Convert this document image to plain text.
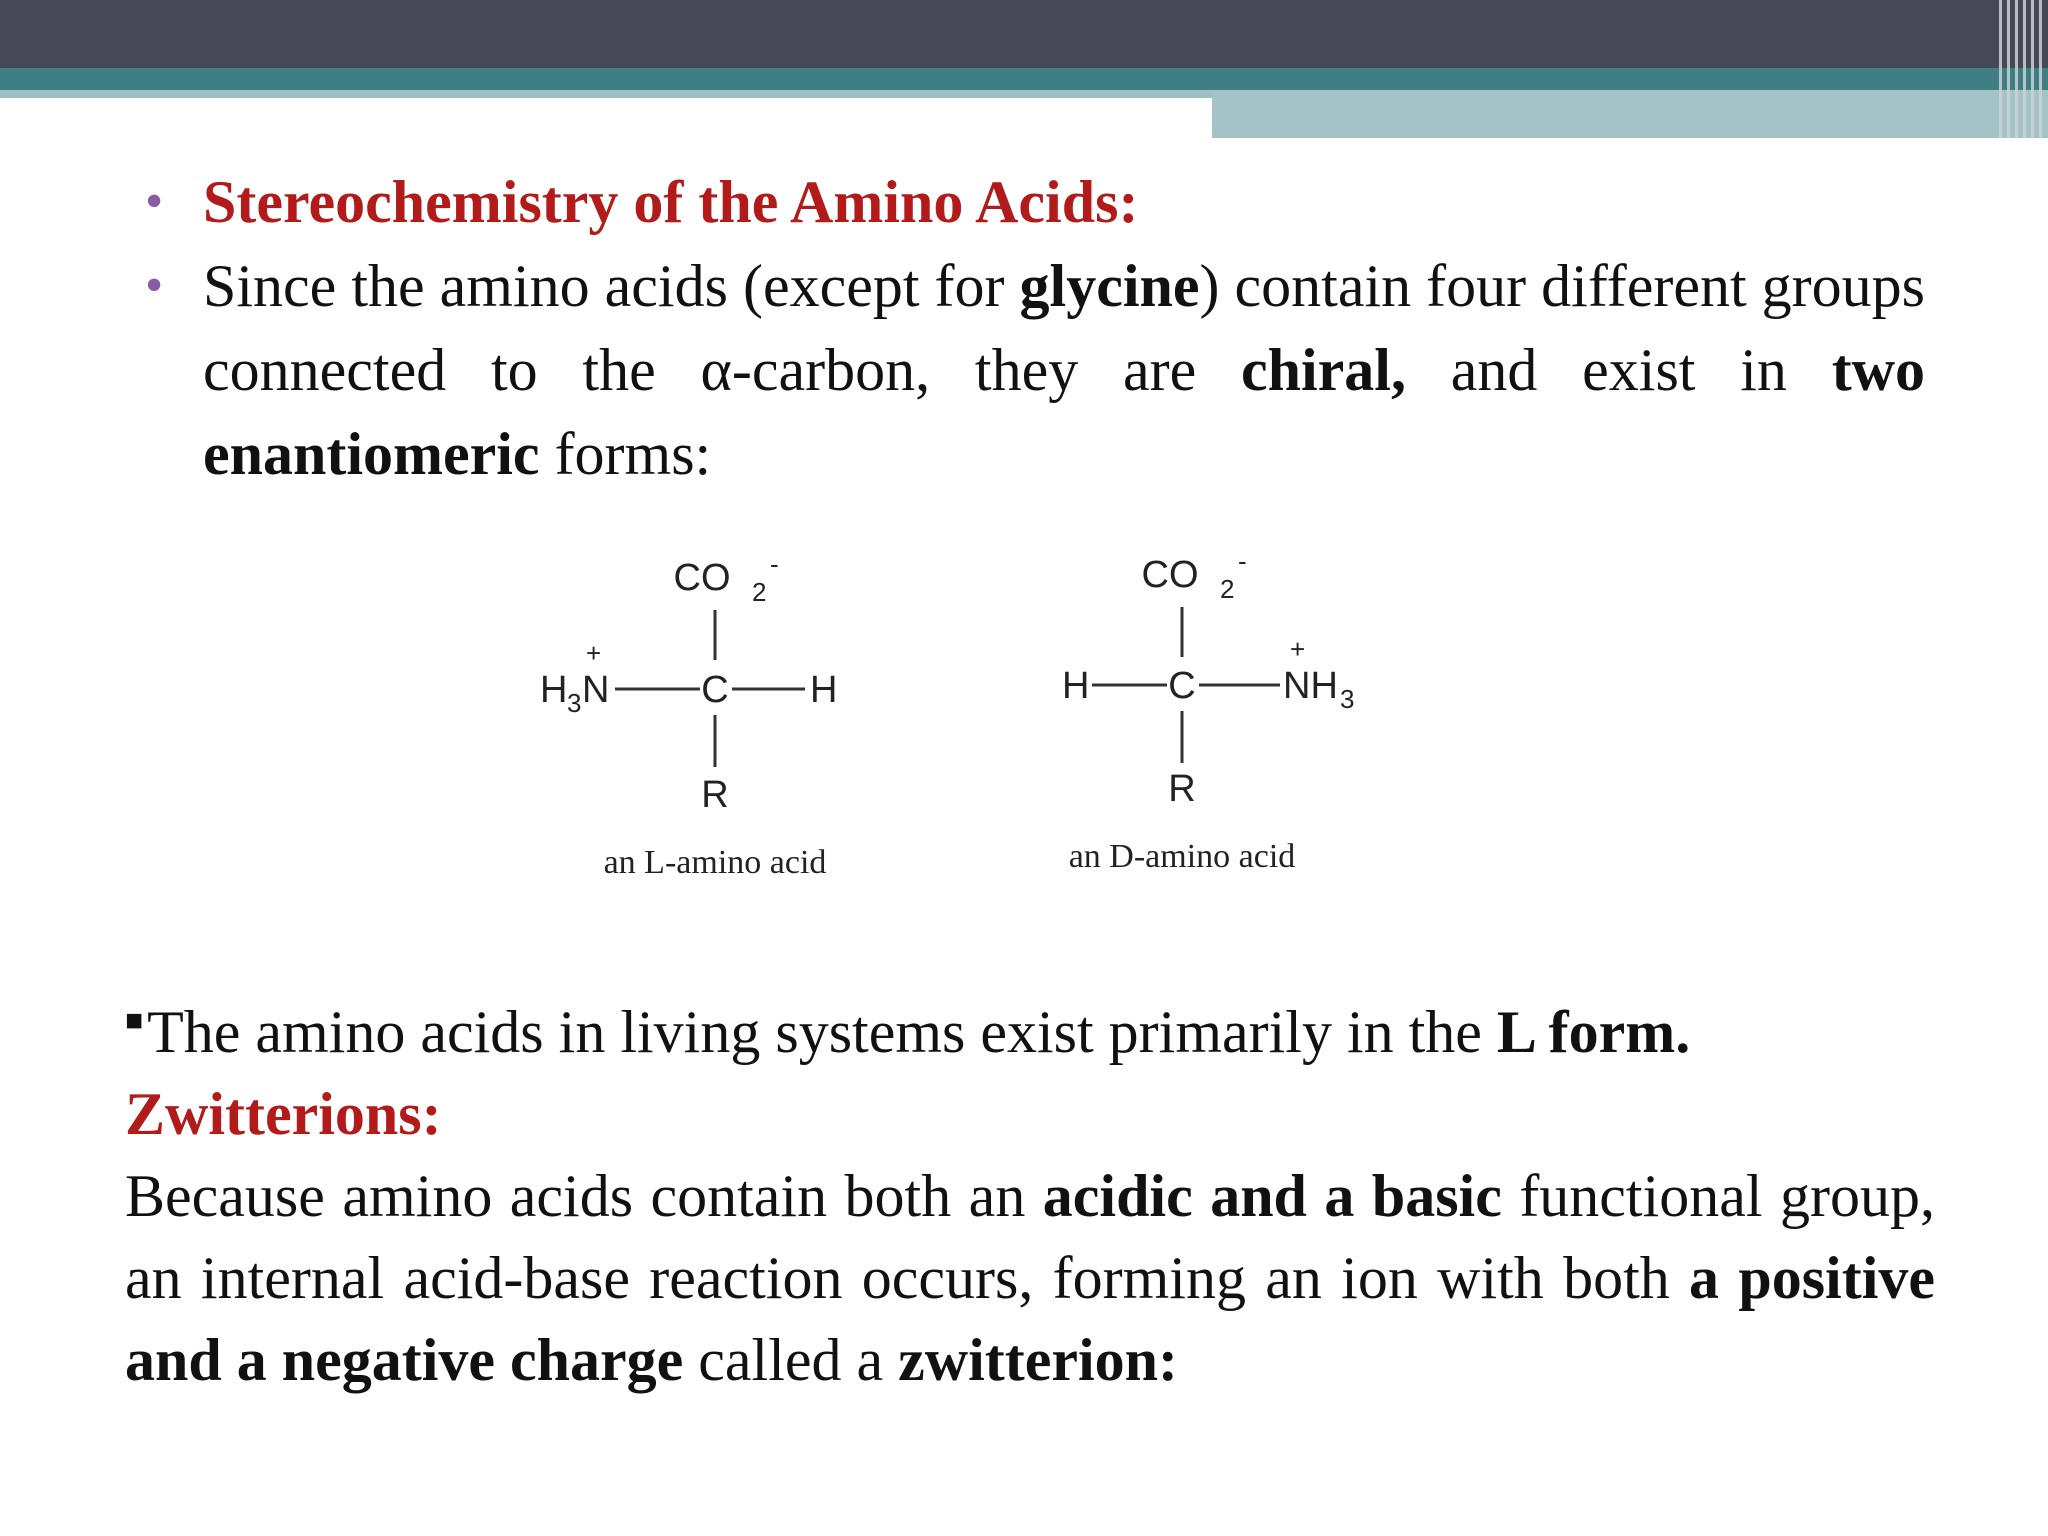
• Stereochemistry of the Amino Acids:
• Since the amino acids (except for glycine) contain four different groups connected to the α-carbon, they are chiral, and exist in two enantiomeric forms:
CO 2
-
H 3 N
+
C H
R
an L-amino acid
CO 2
-
H C NH 3
+
R
an D-amino acid
■The amino acids in living systems exist primarily in the L form.
Zwitterions:
Because amino acids contain both an acidic and a basic functional group, an internal acid-base reaction occurs, forming an ion with both a positive and a negative charge called a zwitterion:
